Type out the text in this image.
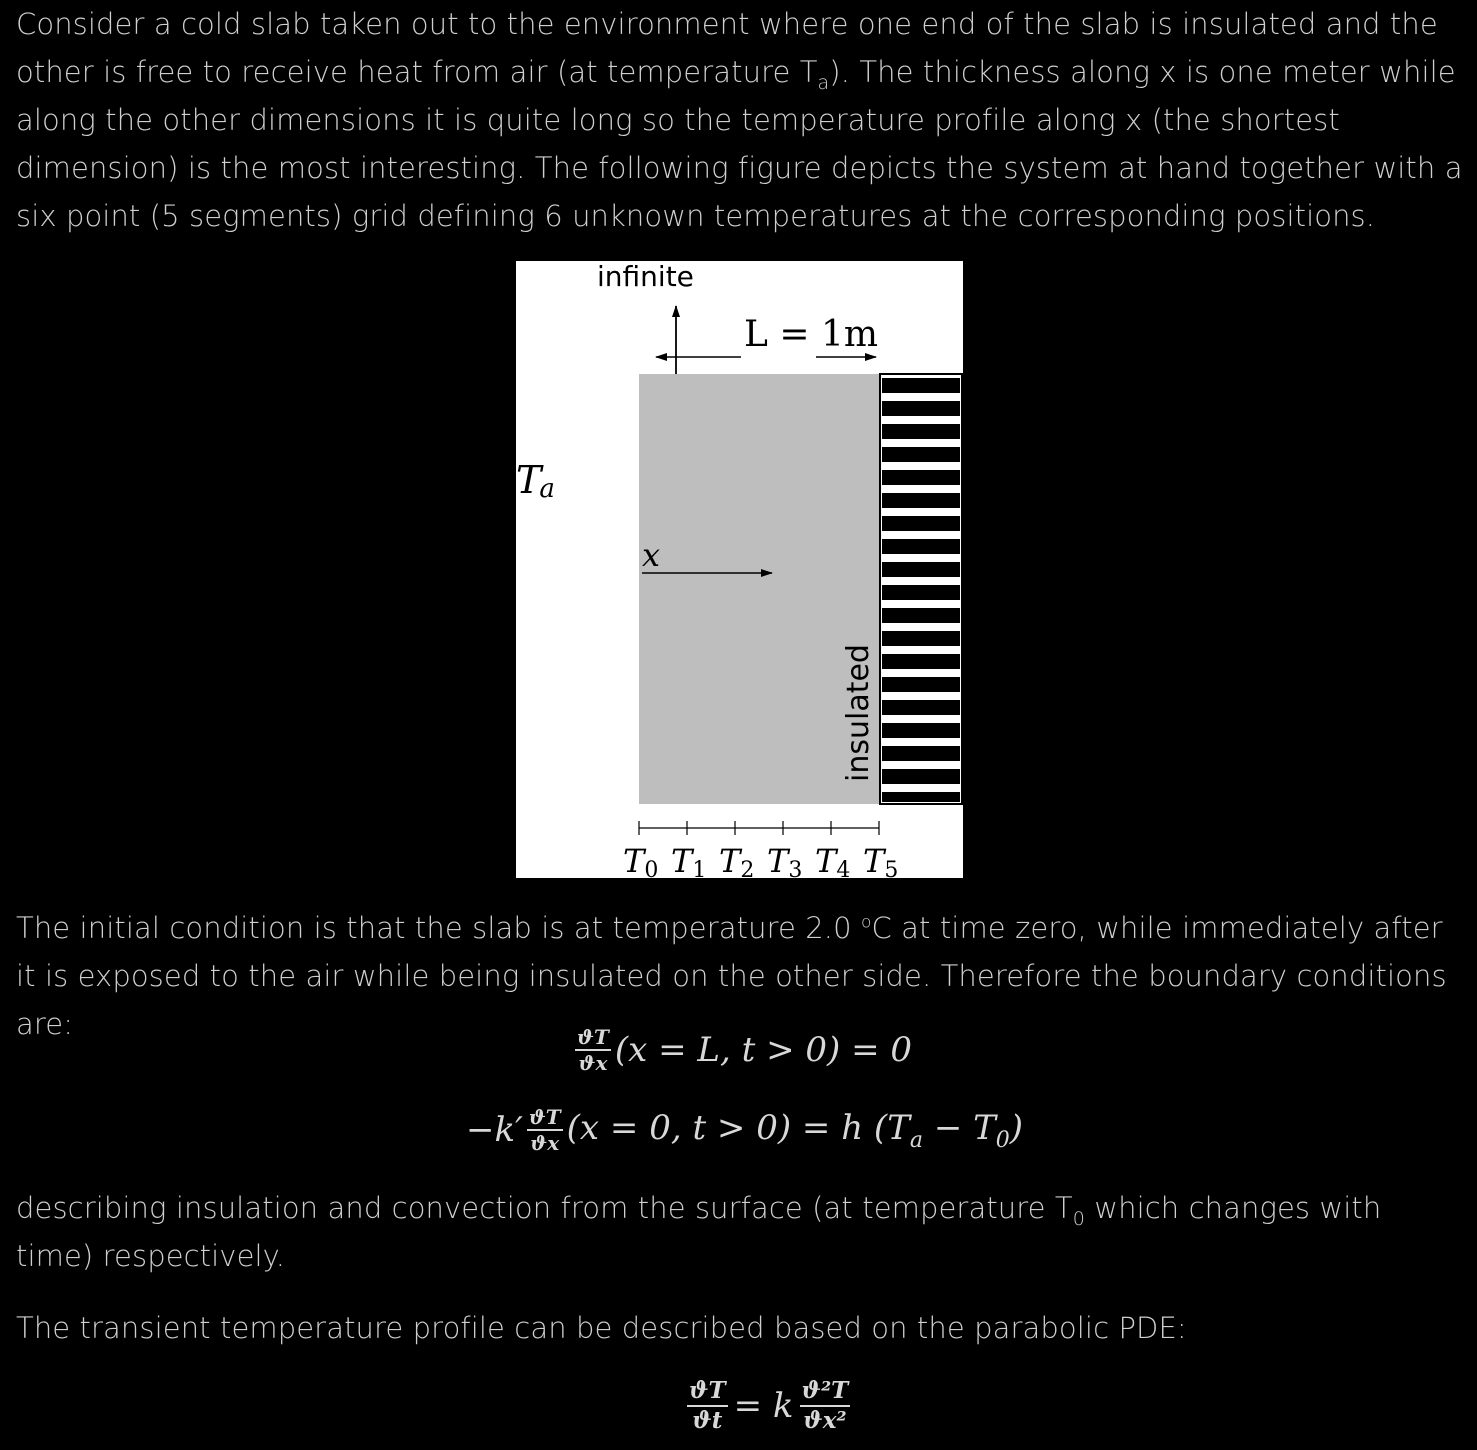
Consider a cold slab taken out to the environment where one end of the slab is insulated and the other is free to receive heat from air (at temperature $T_a$). The thickness along x is one meter while along the other dimensions it is quite long so the temperature profile along x (the shortest dimension) is the most interesting. The following figure depicts the system at hand together with a six point (5 segments) grid defining 6 unknown temperatures at the corresponding positions.

infinite
L = 1m
Ta
x
insulated
T0 T1 T2 T3 T4 T5

The initial condition is that the slab is at temperature 2.0 $^o$C at time zero, while immediately after it is exposed to the air while being insulated on the other side. Therefore the boundary conditions are:

$\frac{ϑT}{ϑx} (x = L$, t > 0) = 0
$-k' \frac{ϑT}{ϑx} (x = 0$, t > 0) = h $(T_a - T_0)$

describing insulation and convection from the surface (at temperature $T_0$ which changes with time) respectively.

The transient temperature profile can be described based on the parabolic PDE:

$\frac{ϑT}{ϑt} = k \frac{\text{ϑ²T}}{\text{ϑx²}}$
